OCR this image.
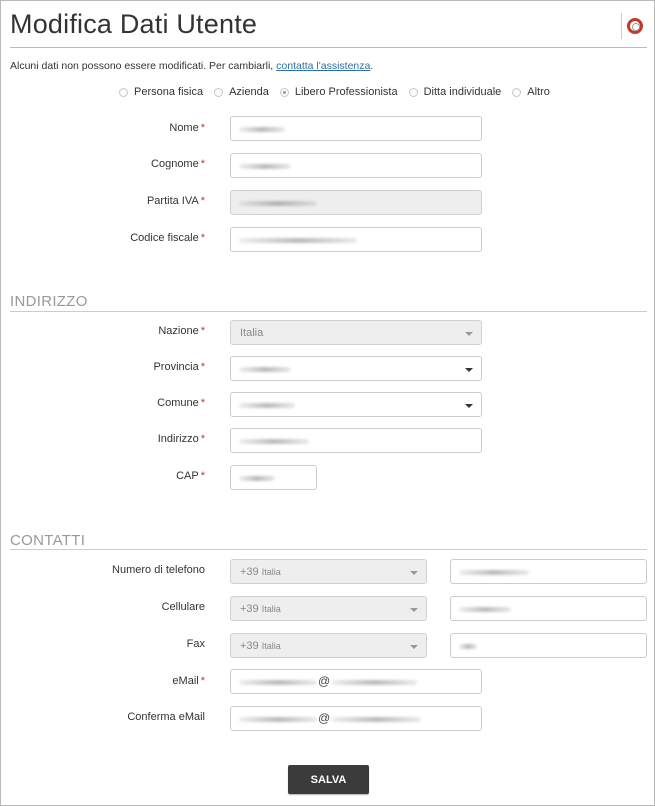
Modifica Dati Utente
Alcuni dati non possono essere modificati. Per cambiarli, contatta l'assistenza.
Persona fisica Azienda Libero Professionista Ditta individuale Altro
Nome *
Cognome *
Partita IVA *
Codice fiscale *
INDIRIZZO
Nazione *	Italia
Provincia *
Comune *
Indirizzo *
CAP *
CONTATTI
Numero di telefono	+39 Italia
Cellulare	+39 Italia
Fax	+39 Italia
eMail *	@
Conferma eMail	@
SALVA
